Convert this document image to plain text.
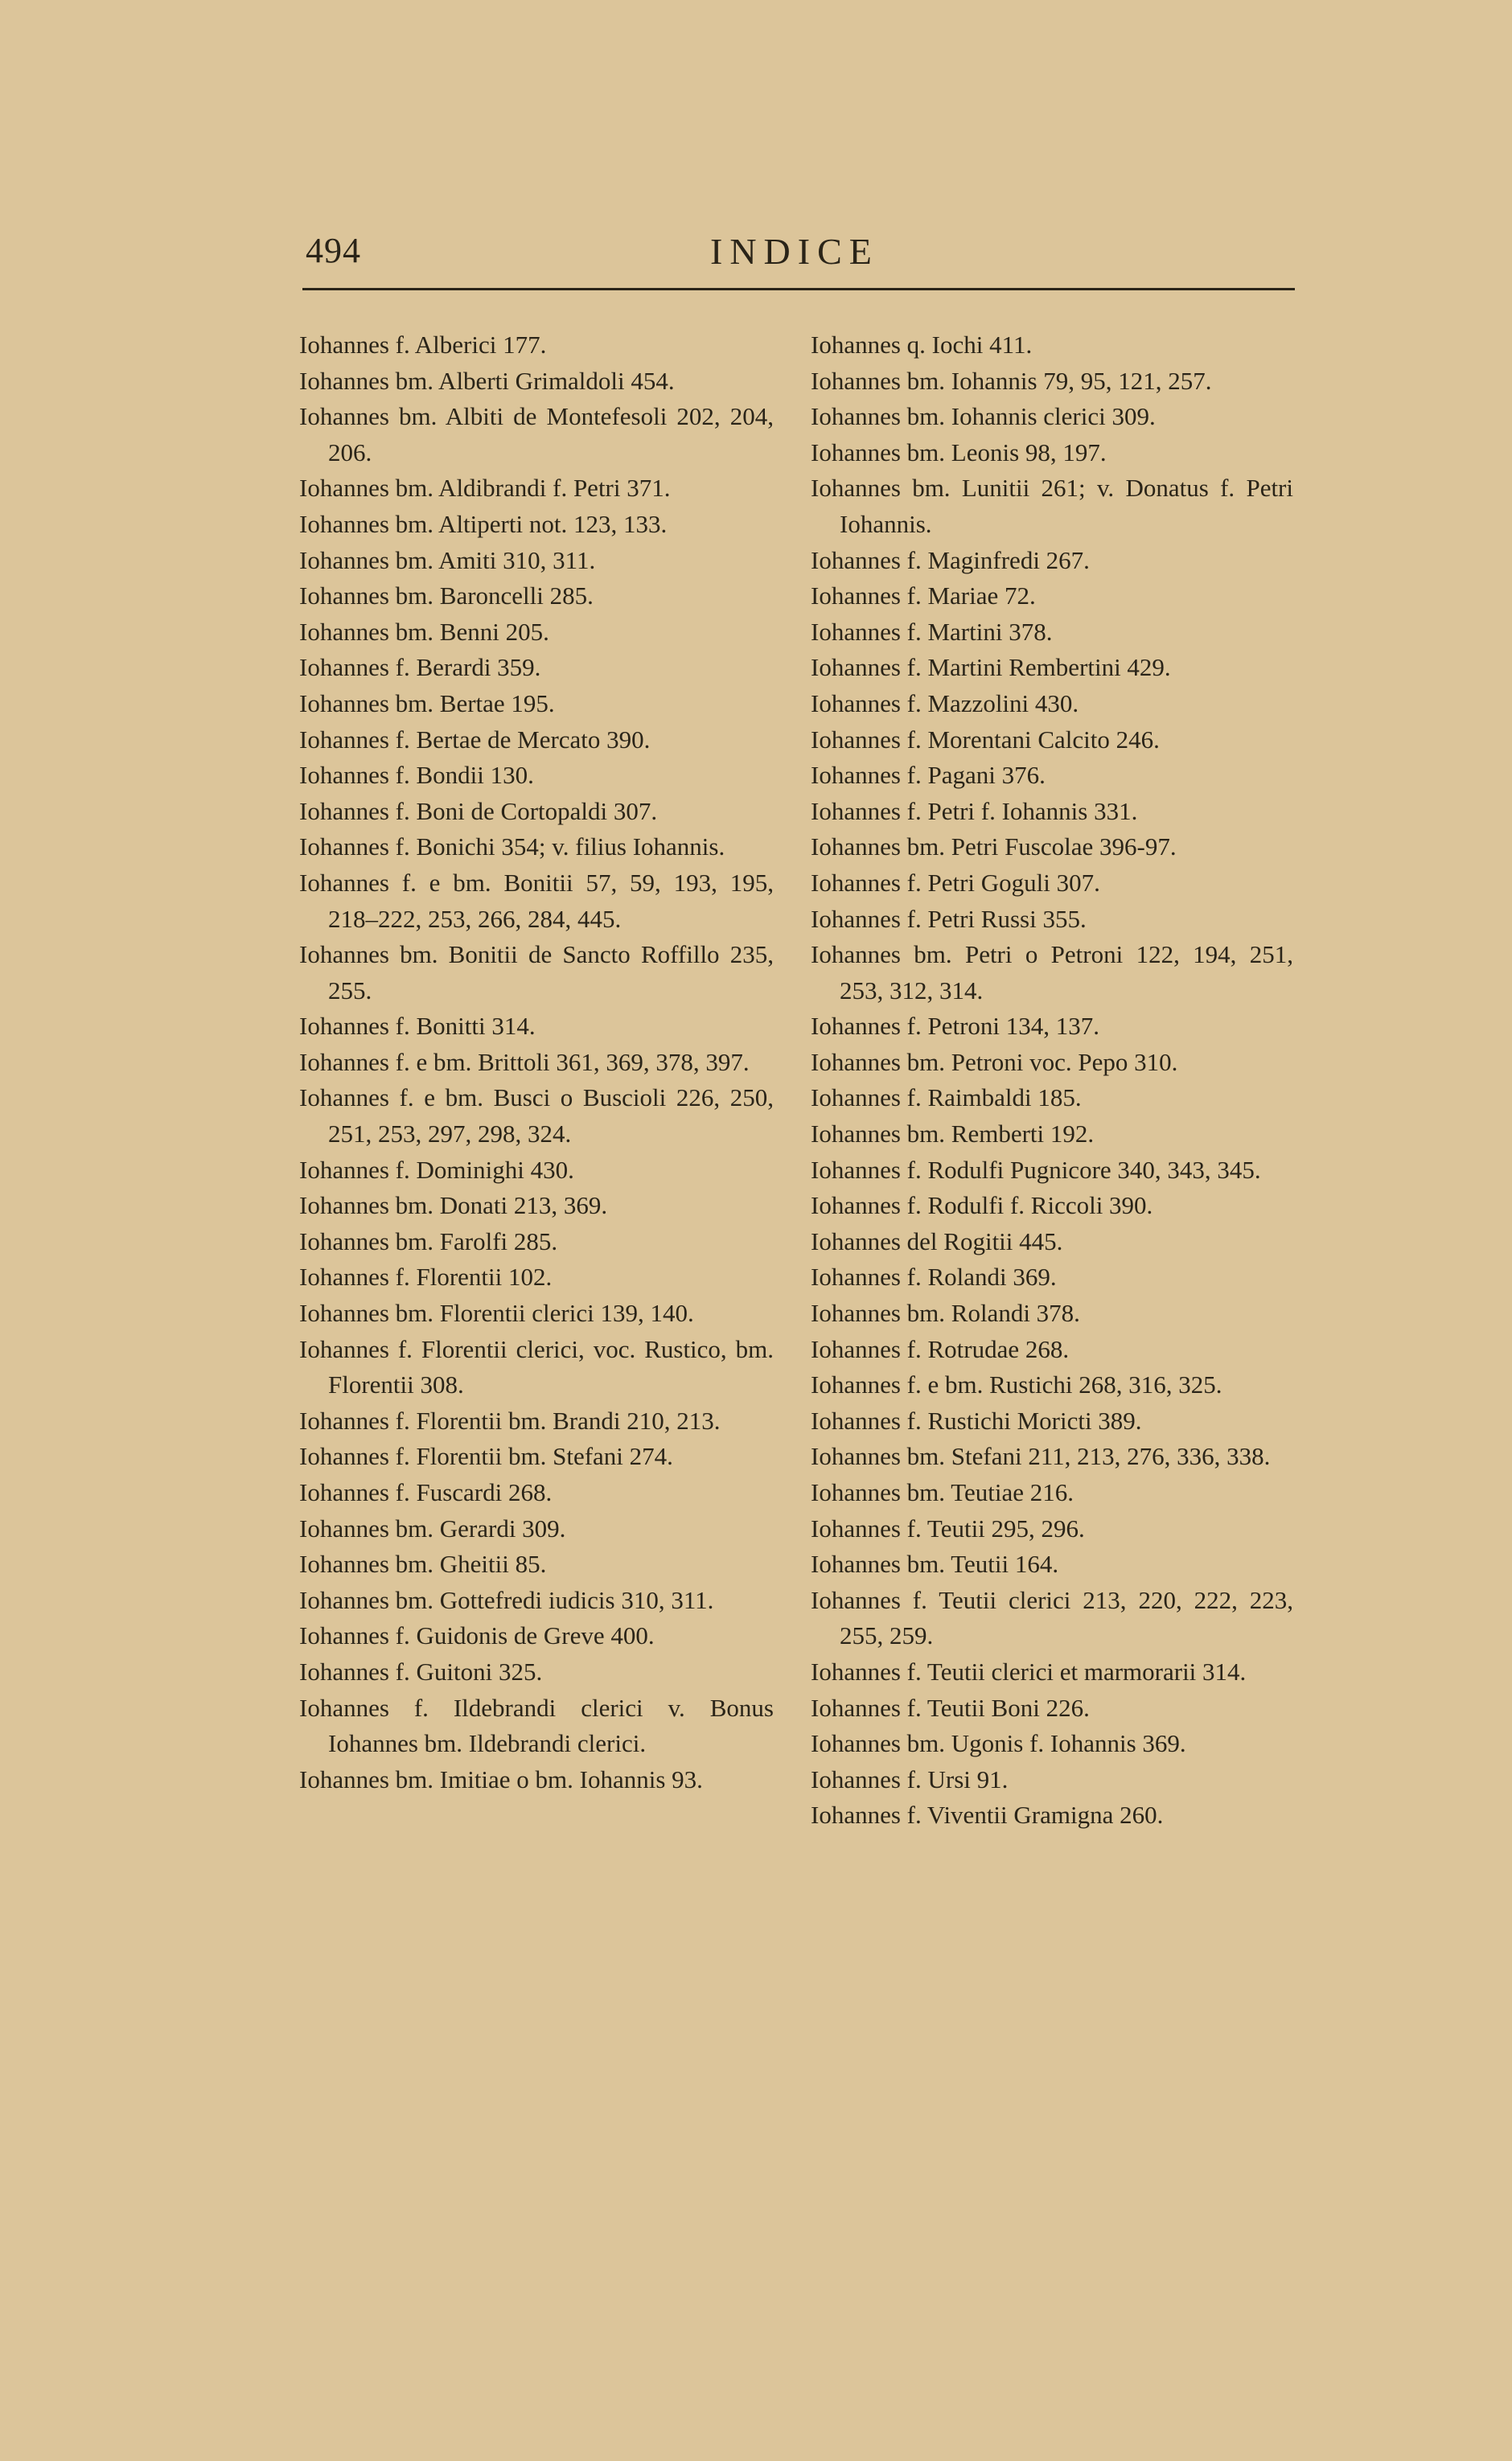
494	INDICE
Iohannes f. Alberici 177.
Iohannes bm. Alberti Grimaldoli 454.
Iohannes bm. Albiti de Montefesoli 202, 204, 206.
Iohannes bm. Aldibrandi f. Petri 371.
Iohannes bm. Altiperti not. 123, 133.
Iohannes bm. Amiti 310, 311.
Iohannes bm. Baroncelli 285.
Iohannes bm. Benni 205.
Iohannes f. Berardi 359.
Iohannes bm. Bertae 195.
Iohannes f. Bertae de Mercato 390.
Iohannes f. Bondii 130.
Iohannes f. Boni de Cortopaldi 307.
Iohannes f. Bonichi 354; v. filius Iohannis.
Iohannes f. e bm. Bonitii 57, 59, 193, 195, 218–222, 253, 266, 284, 445.
Iohannes bm. Bonitii de Sancto Roffillo 235, 255.
Iohannes f. Bonitti 314.
Iohannes f. e bm. Brittoli 361, 369, 378, 397.
Iohannes f. e bm. Busci o Buscioli 226, 250, 251, 253, 297, 298, 324.
Iohannes f. Dominighi 430.
Iohannes bm. Donati 213, 369.
Iohannes bm. Farolfi 285.
Iohannes f. Florentii 102.
Iohannes bm. Florentii clerici 139, 140.
Iohannes f. Florentii clerici, voc. Rustico, bm. Florentii 308.
Iohannes f. Florentii bm. Brandi 210, 213.
Iohannes f. Florentii bm. Stefani 274.
Iohannes f. Fuscardi 268.
Iohannes bm. Gerardi 309.
Iohannes bm. Gheitii 85.
Iohannes bm. Gottefredi iudicis 310, 311.
Iohannes f. Guidonis de Greve 400.
Iohannes f. Guitoni 325.
Iohannes f. Ildebrandi clerici v. Bonus Iohannes bm. Ildebrandi clerici.
Iohannes bm. Imitiae o bm. Iohannis 93.
Iohannes q. Iochi 411.
Iohannes bm. Iohannis 79, 95, 121, 257.
Iohannes bm. Iohannis clerici 309.
Iohannes bm. Leonis 98, 197.
Iohannes bm. Lunitii 261; v. Donatus f. Petri Iohannis.
Iohannes f. Maginfredi 267.
Iohannes f. Mariae 72.
Iohannes f. Martini 378.
Iohannes f. Martini Rembertini 429.
Iohannes f. Mazzolini 430.
Iohannes f. Morentani Calcito 246.
Iohannes f. Pagani 376.
Iohannes f. Petri f. Iohannis 331.
Iohannes bm. Petri Fuscolae 396-97.
Iohannes f. Petri Goguli 307.
Iohannes f. Petri Russi 355.
Iohannes bm. Petri o Petroni 122, 194, 251, 253, 312, 314.
Iohannes f. Petroni 134, 137.
Iohannes bm. Petroni voc. Pepo 310.
Iohannes f. Raimbaldi 185.
Iohannes bm. Remberti 192.
Iohannes f. Rodulfi Pugnicore 340, 343, 345.
Iohannes f. Rodulfi f. Riccoli 390.
Iohannes del Rogitii 445.
Iohannes f. Rolandi 369.
Iohannes bm. Rolandi 378.
Iohannes f. Rotrudae 268.
Iohannes f. e bm. Rustichi 268, 316, 325.
Iohannes f. Rustichi Moricti 389.
Iohannes bm. Stefani 211, 213, 276, 336, 338.
Iohannes bm. Teutiae 216.
Iohannes f. Teutii 295, 296.
Iohannes bm. Teutii 164.
Iohannes f. Teutii clerici 213, 220, 222, 223, 255, 259.
Iohannes f. Teutii clerici et marmorarii 314.
Iohannes f. Teutii Boni 226.
Iohannes bm. Ugonis f. Iohannis 369.
Iohannes f. Ursi 91.
Iohannes f. Viventii Gramigna 260.
